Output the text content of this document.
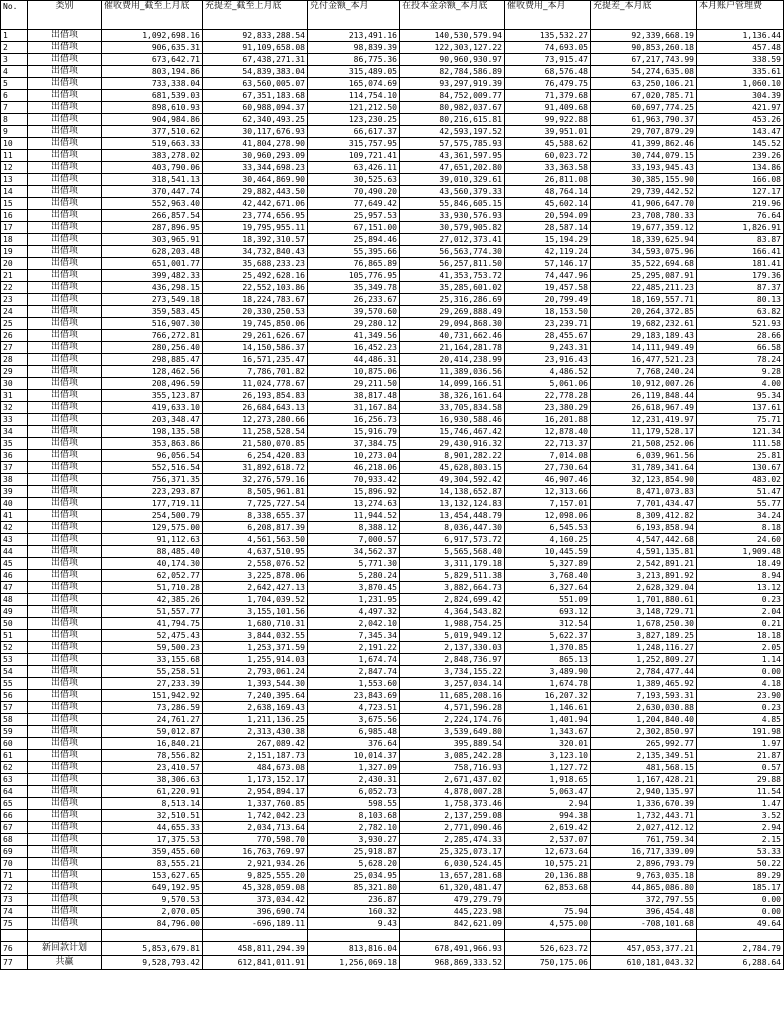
No.	类别	催收费用_截至上月底	充提差_截至上月底	兑付金额_本月	在投本金余额_本月底	催收费用_本月	充提差_本月底	本月账户管理费
1	出借项	1,092,698.16	92,833,288.54	213,491.16	140,530,579.94	135,532.27	92,339,668.19	1,136.44
2	出借项	906,635.31	91,109,658.08	98,839.39	122,303,127.22	74,693.05	90,853,260.18	457.48
3	出借项	673,642.71	67,438,271.31	86,775.36	90,960,930.97	73,915.47	67,217,743.99	338.59
4	出借项	803,194.86	54,839,383.04	315,489.05	82,784,586.89	68,576.48	54,274,635.08	335.61
5	出借项	733,338.04	63,560,005.07	165,074.69	93,297,919.39	76,479.75	63,250,106.21	1,060.10
6	出借项	681,539.03	67,351,183.68	114,754.10	84,752,009.77	71,379.68	67,020,785.71	304.39
7	出借项	898,610.93	60,988,094.37	121,212.50	80,982,037.67	91,409.68	60,697,774.25	421.97
8	出借项	904,984.86	62,340,493.25	123,230.25	80,216,615.81	99,922.88	61,963,790.37	453.26
9	出借项	377,510.62	30,117,676.93	66,617.37	42,593,197.52	39,951.01	29,707,879.29	143.47
10	出借项	519,663.33	41,804,278.90	315,757.95	57,575,785.93	45,588.62	41,399,862.46	145.52
11	出借项	383,278.02	30,960,293.09	109,721.41	43,361,597.95	60,023.72	30,744,079.15	239.26
12	出借项	403,790.06	33,344,698.23	63,426.11	47,651,202.80	33,363.58	33,193,945.43	134.86
13	出借项	318,541.13	30,464,869.90	30,525.63	39,010,329.61	26,811.08	30,385,155.90	166.08
14	出借项	370,447.74	29,882,443.50	70,490.20	43,560,379.33	48,764.14	29,739,442.52	127.17
15	出借项	552,963.40	42,442,671.06	77,649.42	55,846,605.15	45,602.14	41,906,647.70	219.96
16	出借项	266,857.54	23,774,656.95	25,957.53	33,930,576.93	20,594.09	23,708,780.33	76.64
17	出借项	287,896.95	19,795,955.11	67,151.00	30,579,905.82	28,587.14	19,677,359.12	1,826.91
18	出借项	303,965.91	18,392,310.57	25,894.46	27,012,373.41	15,194.29	18,339,625.94	83.87
19	出借项	628,203.48	34,732,840.43	55,395.66	56,563,774.30	42,119.24	34,593,075.96	166.41
20	出借项	651,001.77	35,688,233.23	76,865.89	56,257,811.50	57,146.17	35,522,694.68	181.41
21	出借项	399,482.33	25,492,628.16	105,776.95	41,353,753.72	74,447.96	25,295,087.91	179.36
22	出借项	436,298.15	22,552,103.86	35,349.78	35,285,601.02	19,457.58	22,485,211.23	87.37
23	出借项	273,549.18	18,224,783.67	26,233.67	25,316,286.69	20,799.49	18,169,557.71	80.13
24	出借项	359,583.45	20,330,250.53	39,570.60	29,269,888.49	18,153.50	20,264,372.85	63.82
25	出借项	516,907.30	19,745,850.06	29,280.12	29,094,868.30	23,239.71	19,682,232.61	521.93
26	出借项	766,272.81	29,261,626.67	41,349.56	40,731,662.46	28,455.67	29,183,189.43	28.66
27	出借项	280,256.40	14,150,586.37	16,452.23	21,164,281.78	9,243.31	14,111,949.49	66.58
28	出借项	298,885.47	16,571,235.47	44,486.31	20,414,238.99	23,916.43	16,477,521.23	78.24
29	出借项	128,462.56	7,786,701.82	10,875.06	11,389,036.56	4,486.52	7,768,240.24	9.28
30	出借项	208,496.59	11,024,778.67	29,211.50	14,099,166.51	5,061.06	10,912,007.26	4.00
31	出借项	355,123.87	26,193,854.83	38,817.48	38,326,161.64	22,778.28	26,119,848.44	95.34
32	出借项	419,633.10	26,684,643.13	31,167.84	33,705,834.58	23,380.29	26,618,967.49	137.61
33	出借项	203,348.47	12,273,280.66	16,256.73	16,930,588.46	16,201.88	12,231,419.97	75.71
34	出借项	198,135.58	11,258,528.54	15,916.79	15,746,467.42	12,878.40	11,179,528.17	121.34
35	出借项	353,863.86	21,580,070.85	37,384.75	29,430,916.32	22,713.37	21,508,252.06	111.58
36	出借项	96,056.54	6,254,420.83	10,273.04	8,901,282.22	7,014.08	6,039,961.56	25.81
37	出借项	552,516.54	31,892,618.72	46,218.06	45,628,803.15	27,730.64	31,789,341.64	130.67
38	出借项	756,371.35	32,276,579.16	70,933.42	49,304,592.42	46,907.46	32,123,854.90	483.02
39	出借项	223,293.87	8,505,961.81	15,896.92	14,138,652.87	12,313.66	8,471,073.83	51.47
40	出借项	177,719.11	7,725,727.54	13,274.63	13,132,124.83	7,157.01	7,701,434.47	55.77
41	出借项	254,500.79	8,338,655.37	11,944.52	13,454,448.79	12,098.06	8,309,412.82	34.24
42	出借项	129,575.00	6,208,817.39	8,388.12	8,036,447.30	6,545.53	6,193,858.94	8.18
43	出借项	91,112.63	4,561,563.50	7,000.57	6,917,573.72	4,160.25	4,547,442.68	24.60
44	出借项	88,485.40	4,637,510.95	34,562.37	5,565,568.40	10,445.59	4,591,135.81	1,909.48
45	出借项	40,174.30	2,558,076.52	5,771.30	3,311,179.18	5,327.89	2,542,891.21	18.49
46	出借项	62,052.77	3,225,878.06	5,280.24	5,829,511.38	3,768.40	3,213,891.92	8.94
47	出借项	51,710.28	2,642,427.13	3,870.45	3,882,664.73	6,327.64	2,628,329.04	13.12
48	出借项	42,385.26	1,704,039.52	1,231.95	2,824,699.42	551.09	1,701,880.61	0.23
49	出借项	51,557.77	3,155,101.56	4,497.32	4,364,543.82	693.12	3,148,729.71	2.04
50	出借项	41,794.75	1,680,710.31	2,042.10	1,988,754.25	312.54	1,678,250.30	0.21
51	出借项	52,475.43	3,844,032.55	7,345.34	5,019,949.12	5,622.37	3,827,189.25	18.18
52	出借项	59,500.23	1,253,371.59	2,191.22	2,137,330.03	1,370.85	1,248,116.27	2.05
53	出借项	33,155.68	1,255,914.03	1,674.74	2,848,736.97	865.13	1,252,809.27	1.14
54	出借项	55,258.51	2,793,061.24	2,847.74	3,734,155.22	3,489.90	2,784,477.44	0.00
55	出借项	27,233.39	1,393,544.30	1,553.60	3,257,034.14	1,674.78	1,389,465.92	4.18
56	出借项	151,942.92	7,240,395.64	23,843.69	11,685,208.16	16,207.32	7,193,593.31	23.90
57	出借项	73,286.59	2,638,169.43	4,723.51	4,571,596.28	1,146.61	2,630,030.88	0.23
58	出借项	24,761.27	1,211,136.25	3,675.56	2,224,174.76	1,401.94	1,204,840.40	4.85
59	出借项	59,012.87	2,313,430.38	6,985.48	3,539,649.80	1,343.67	2,302,850.97	191.98
60	出借项	16,840.21	267,089.42	376.64	395,889.54	320.01	265,992.77	1.97
61	出借项	78,556.82	2,151,187.73	10,014.37	3,085,242.28	3,123.10	2,135,349.51	21.87
62	出借项	23,410.57	484,673.08	1,327.09	758,716.93	1,127.72	481,568.15	0.57
63	出借项	38,306.63	1,173,152.17	2,430.31	2,671,437.02	1,918.65	1,167,428.21	29.88
64	出借项	61,220.91	2,954,894.17	6,052.73	4,878,007.28	5,063.47	2,940,135.97	11.54
65	出借项	8,513.14	1,337,760.85	598.55	1,758,373.46	2.94	1,336,670.39	1.47
66	出借项	32,510.51	1,742,042.23	8,103.68	2,137,259.08	994.38	1,732,443.71	3.52
67	出借项	44,655.33	2,034,713.64	2,782.10	2,771,090.46	2,619.42	2,027,412.12	2.94
68	出借项	17,375.53	770,598.70	3,930.27	2,285,474.33	2,537.07	761,759.34	2.15
69	出借项	359,455.60	16,763,769.97	25,918.87	25,325,073.17	12,673.64	16,717,339.09	53.33
70	出借项	83,555.21	2,921,934.26	5,628.20	6,030,524.45	10,575.21	2,896,793.79	50.22
71	出借项	153,627.65	9,825,555.20	25,034.95	13,657,281.68	20,136.88	9,763,035.18	89.29
72	出借项	649,192.95	45,328,059.08	85,321.80	61,320,481.47	62,853.68	44,865,086.80	185.17
73	出借项	9,570.53	373,034.42	236.87	479,279.79		372,797.55	0.00
74	出借项	2,070.05	396,690.74	160.32	445,223.98	75.94	396,454.48	0.00
75	出借项	84,796.00	-696,189.11	9.43	842,621.09	4,575.00	-708,101.68	49.64

76	新回款计划	5,853,679.81	458,811,294.39	813,816.04	678,491,966.93	526,623.72	457,053,377.21	2,784.79
77	共赢	9,528,793.42	612,841,011.91	1,256,069.18	968,869,333.52	750,175.06	610,181,043.32	6,288.64
